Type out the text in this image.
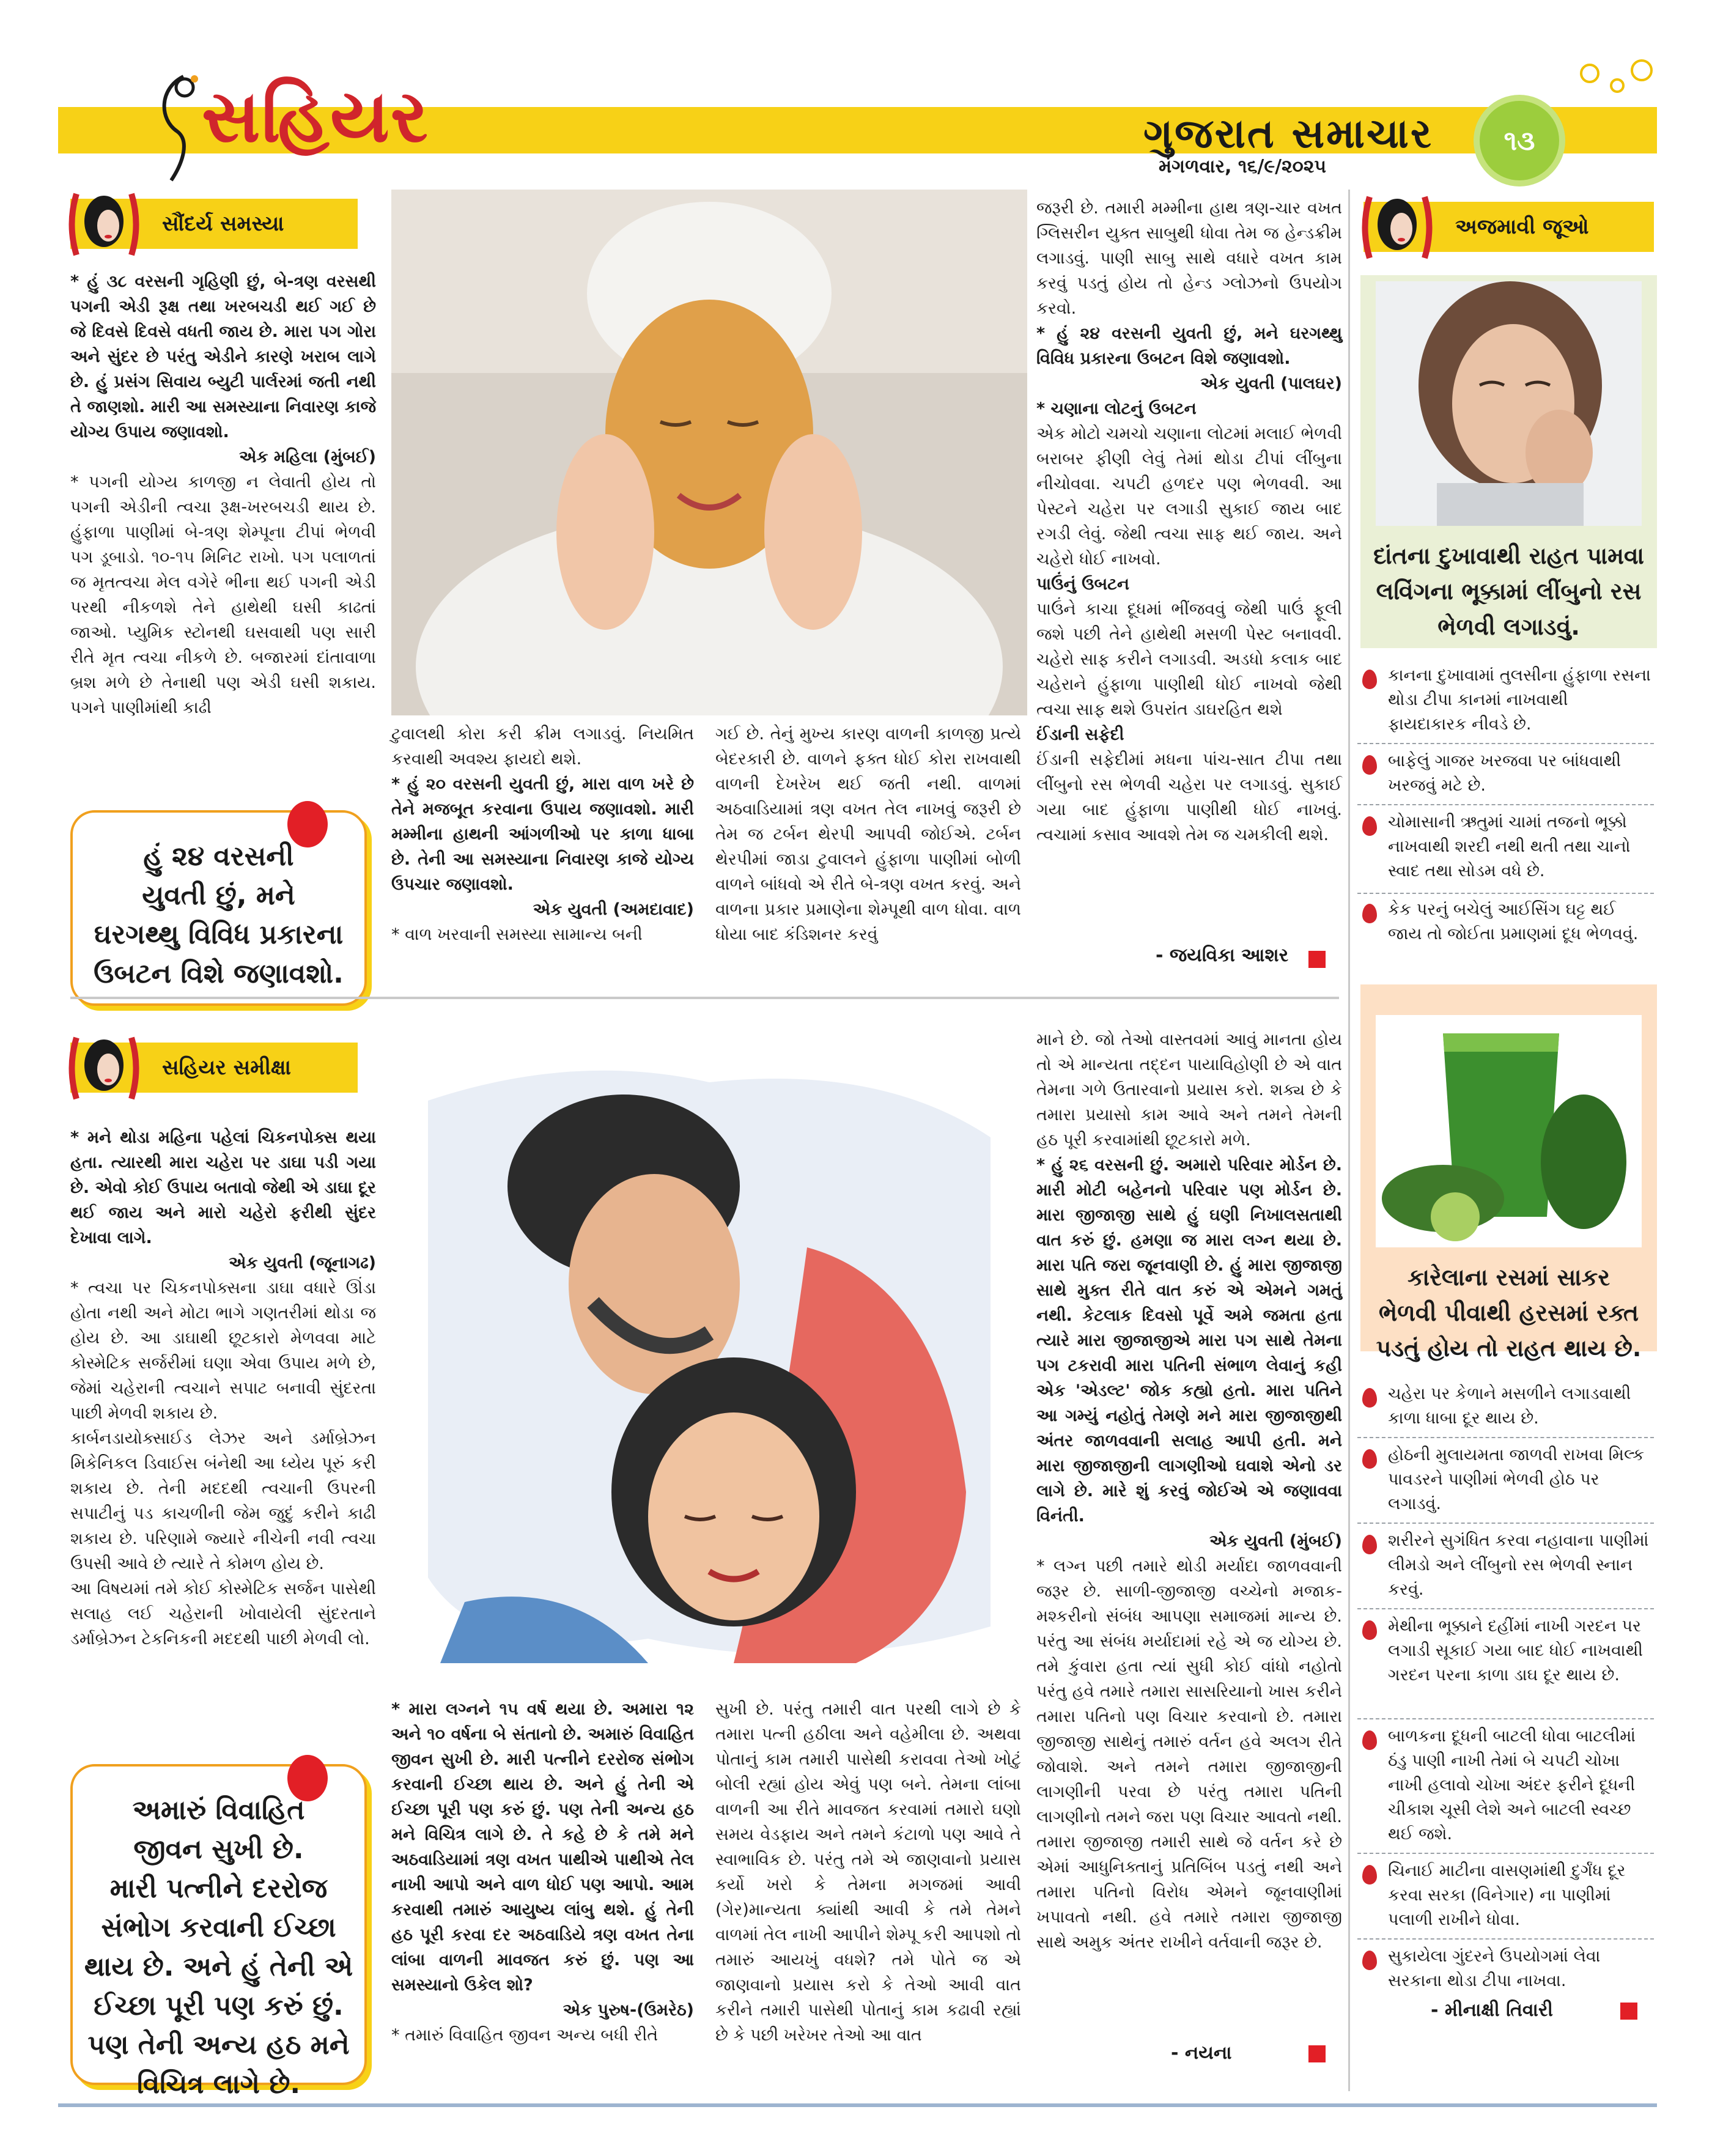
સહિયર	ગુજરાત સમાચાર
મંગળવાર, ૧૬/૯/૨૦૨૫
૧૩
સૌંદર્ય સમસ્યા
* હું ૩૮ વરસની ગૃહિણી છું, બે-ત્રણ વરસથી પગની એડી રૂક્ષ તથા ખરબચડી થઈ ગઈ છે જે દિવસે દિવસે વધતી જાય છે. મારા પગ ગોરા અને સુંદર છે પરંતુ એડીને કારણે ખરાબ લાગે છે. હું પ્રસંગ સિવાય બ્યુટી પાર્લરમાં જતી નથી તે જાણશો. મારી આ સમસ્યાના નિવારણ કાજે યોગ્ય ઉપાય જણાવશો.

એક મહિલા (મુંબઈ)
* પગની યોગ્ય કાળજી ન લેવાતી હોય તો પગની એડીની ત્વચા રૂક્ષ-ખરબચડી થાય છે. હુંફાળા પાણીમાં બે-ત્રણ શેમ્પૂના ટીપાં ભેળવી પગ ડૂબાડો. ૧૦-૧૫ મિનિટ રાખો. પગ પલાળતાં જ મૃતત્વચા મેલ વગેરે ભીના થઈ પગની એડી પરથી નીકળશે તેને હાથેથી ઘસી કાઢતાં જાઓ. પ્યુમિક સ્ટોનથી ઘસવાથી પણ સારી રીતે મૃત ત્વચા નીકળે છે. બજારમાં દાંતાવાળા બ્રશ મળે છે તેનાથી પણ એડી ઘસી શકાય. પગને પાણીમાંથી કાઢી
હું ૨૪ વરસની
યુવતી છું, મને
ઘરગથ્થુ વિવિધ પ્રકારના
ઉબટન વિશે જણાવશો.
ટુવાલથી કોરા કરી ક્રીમ લગાડવું. નિયમિત કરવાથી અવશ્ય ફાયદો થશે.
* હું ૨૦ વરસની યુવતી છું, મારા વાળ ખરે છે તેને મજબૂત કરવાના ઉપાય જણાવશો. મારી મમ્મીના હાથની આંગળીઓ પર કાળા ધાબા છે. તેની આ સમસ્યાના નિવારણ કાજે યોગ્ય ઉપચાર જણાવશો.

એક યુવતી (અમદાવાદ)
* વાળ ખરવાની સમસ્યા સામાન્ય બની
ગઈ છે. તેનું મુખ્ય કારણ વાળની કાળજી પ્રત્યે બેદરકારી છે. વાળને ફક્ત ધોઈ કોરા રાખવાથી વાળની દેખરેખ થઈ જતી નથી. વાળમાં અઠવાડિયામાં ત્રણ વખત તેલ નાખવું જરૂરી છે તેમ જ ટર્બન થેરપી આપવી જોઈએ. ટર્બન થેરપીમાં જાડા ટુવાલને હુંફાળા પાણીમાં બોળી વાળને બાંધવો એ રીતે બે-ત્રણ વખત કરવું. અને વાળના પ્રકાર પ્રમાણેના શેમ્પૂથી વાળ ધોવા. વાળ ધોયા બાદ કંડિશનર કરવું
જરૂરી છે. તમારી મમ્મીના હાથ ત્રણ-ચાર વખત ગ્લિસરીન યુક્ત સાબુથી ધોવા તેમ જ હેન્ડક્રીમ લગાડવું. પાણી સાબુ સાથે વધારે વખત કામ કરવું પડતું હોય તો હેન્ડ ગ્લોઝનો ઉપયોગ કરવો.
* હું ૨૪ વરસની યુવતી છું, મને ઘરગથ્થુ વિવિધ પ્રકારના ઉબટન વિશે જણાવશો.

એક યુવતી (પાલઘર)
* ચણાના લોટનું ઉબટન
એક મોટો ચમચો ચણાના લોટમાં મલાઈ ભેળવી બરાબર ફીણી લેવું તેમાં થોડા ટીપાં લીંબુના નીચોવવા. ચપટી હળદર પણ ભેળવવી. આ પેસ્ટને ચહેરા પર લગાડી સુકાઈ જાય બાદ રગડી લેવું. જેથી ત્વચા સાફ થઈ જાય. અને ચહેરો ધોઈ નાખવો.
પાઉંનું ઉબટન
પાઉંને કાચા દૂધમાં ભીંજવવું જેથી પાઉં ફૂલી જશે પછી તેને હાથેથી મસળી પેસ્ટ બનાવવી. ચહેરો સાફ કરીને લગાડવી. અડધો કલાક બાદ ચહેરાને હુંફાળા પાણીથી ધોઈ નાખવો જેથી ત્વચા સાફ થશે ઉપરાંત ડાઘરહિત થશે
ઈંડાની સફેદી
ઈંડાની સફેદીમાં મધના પાંચ-સાત ટીપા તથા લીંબુનો રસ ભેળવી ચહેરા પર લગાડવું. સુકાઈ ગયા બાદ હુંફાળા પાણીથી ધોઈ નાખવું. ત્વચામાં કસાવ આવશે તેમ જ ચમકીલી થશે.
- જયવિકા આશર
સહિયર સમીક્ષા
* મને થોડા મહિના પહેલાં ચિકનપોક્સ થયા હતા. ત્યારથી મારા ચહેરા પર ડાઘા પડી ગયા છે. એવો કોઈ ઉપાય બતાવો જેથી એ ડાઘા દૂર થઈ જાય અને મારો ચહેરો ફરીથી સુંદર દેખાવા લાગે.

એક યુવતી (જૂનાગઢ)
* ત્વચા પર ચિકનપોક્સના ડાઘા વધારે ઊંડા હોતા નથી અને મોટા ભાગે ગણતરીમાં થોડા જ હોય છે. આ ડાઘાથી છૂટકારો મેળવવા માટે કોસ્મેટિક સર્જરીમાં ઘણા એવા ઉપાય મળે છે, જેમાં ચહેરાની ત્વચાને સપાટ બનાવી સુંદરતા પાછી મેળવી શકાય છે.
કાર્બનડાયોક્સાઈડ લેઝર અને ડર્માબ્રેઝન મિકેનિકલ ડિવાઈસ બંનેથી આ ધ્યેય પૂરું કરી શકાય છે. તેની મદદથી ત્વચાની ઉપરની સપાટીનું પડ કાચળીની જેમ જુદું કરીને કાઢી શકાય છે. પરિણામે જ્યારે નીચેની નવી ત્વચા ઉપસી આવે છે ત્યારે તે કોમળ હોય છે.
આ વિષયમાં તમે કોઈ કોસ્મેટિક સર્જન પાસેથી સલાહ લઈ ચહેરાની ખોવાયેલી સુંદરતાને ડર્માબ્રેઝન ટેકનિકની મદદથી પાછી મેળવી લો.
અમારું વિવાહિત
જીવન સુખી છે.
મારી પત્નીને દરરોજ
સંભોગ કરવાની ઈચ્છા
થાય છે. અને હું તેની એ
ઈચ્છા પૂરી પણ કરું છું.
પણ તેની અન્ય હઠ મને
વિચિત્ર લાગે છે.
* મારા લગ્નને ૧૫ વર્ષ થયા છે. અમારા ૧૨ અને ૧૦ વર્ષના બે સંતાનો છે. અમારું વિવાહિત જીવન સુખી છે. મારી પત્નીને દરરોજ સંભોગ કરવાની ઈચ્છા થાય છે. અને હું તેની એ ઈચ્છા પૂરી પણ કરું છું. પણ તેની અન્ય હઠ મને વિચિત્ર લાગે છે. તે કહે છે કે તમે મને અઠવાડિયામાં ત્રણ વખત પાથીએ પાથીએ તેલ નાખી આપો અને વાળ ધોઈ પણ આપો. આમ કરવાથી તમારું આયુષ્ય લાંબુ થશે. હું તેની હઠ પૂરી કરવા દર અઠવાડિયે ત્રણ વખત તેના લાંબા વાળની માવજત કરું છું. પણ આ સમસ્યાનો ઉકેલ શો?

એક પુરુષ-(ઉમરેઠ)
* તમારું વિવાહિત જીવન અન્ય બધી રીતે
સુખી છે. પરંતુ તમારી વાત પરથી લાગે છે કે તમારા પત્ની હઠીલા અને વહેમીલા છે. અથવા પોતાનું કામ તમારી પાસેથી કરાવવા તેઓ ખોટું બોલી રહ્યાં હોય એવું પણ બને. તેમના લાંબા વાળની આ રીતે માવજત કરવામાં તમારો ઘણો સમય વેડફાય અને તમને કંટાળો પણ આવે તે સ્વાભાવિક છે. પરંતુ તમે એ જાણવાનો પ્રયાસ કર્યો ખરો કે તેમના મગજમાં આવી (ગેર)માન્યતા ક્યાંથી આવી કે તમે તેમને વાળમાં તેલ નાખી આપીને શેમ્પૂ કરી આપશો તો તમારું આયખું વધશે? તમે પોતે જ એ જાણવાનો પ્રયાસ કરો કે તેઓ આવી વાત કરીને તમારી પાસેથી પોતાનું કામ કઢાવી રહ્યાં છે કે પછી ખરેખર તેઓ આ વાત
માને છે. જો તેઓ વાસ્તવમાં આવું માનતા હોય તો એ માન્યતા તદ્દન પાયાવિહોણી છે એ વાત તેમના ગળે ઉતારવાનો પ્રયાસ કરો. શક્ય છે કે તમારા પ્રયાસો કામ આવે અને તમને તેમની હઠ પૂરી કરવામાંથી છૂટકારો મળે.
* હું ૨૬ વરસની છું. અમારો પરિવાર મોર્ડન છે. મારી મોટી બહેનનો પરિવાર પણ મોર્ડન છે. મારા જીજાજી સાથે હું ઘણી નિખાલસતાથી વાત કરું છું. હમણા જ મારા લગ્ન થયા છે. મારા પતિ જરા જૂનવાણી છે. હું મારા જીજાજી સાથે મુક્ત રીતે વાત કરું એ એમને ગમતું નથી. કેટલાક દિવસો પૂર્વે અમે જમતા હતા ત્યારે મારા જીજાજીએ મારા પગ સાથે તેમના પગ ટકરાવી મારા પતિની સંભાળ લેવાનું કહી એક 'એડલ્ટ' જોક કહ્યો હતો. મારા પતિને આ ગમ્યું નહોતું તેમણે મને મારા જીજાજીથી અંતર જાળવવાની સલાહ આપી હતી. મને મારા જીજાજીની લાગણીઓ ઘવાશે એનો ડર લાગે છે. મારે શું કરવું જોઈએ એ જણાવવા વિનંતી.

એક યુવતી (મુંબઈ)
* લગ્ન પછી તમારે થોડી મર્યાદા જાળવવાની જરૂર છે. સાળી-જીજાજી વચ્ચેનો મજાક-મશ્કરીનો સંબંધ આપણા સમાજમાં માન્ય છે. પરંતુ આ સંબંધ મર્યાદામાં રહે એ જ યોગ્ય છે. તમે કુંવારા હતા ત્યાં સુધી કોઈ વાંધો નહોતો પરંતુ હવે તમારે તમારા સાસરિયાનો ખાસ કરીને તમારા પતિનો પણ વિચાર કરવાનો છે. તમારા જીજાજી સાથેનું તમારું વર્તન હવે અલગ રીતે જોવાશે. અને તમને તમારા જીજાજીની લાગણીની પરવા છે પરંતુ તમારા પતિની લાગણીનો તમને જરા પણ વિચાર આવતો નથી. તમારા જીજાજી તમારી સાથે જે વર્તન કરે છે એમાં આધુનિક્તાનું પ્રતિબિંબ પડતું નથી અને તમારા પતિનો વિરોધ એમને જૂનવાણીમાં ખપાવતો નથી. હવે તમારે તમારા જીજાજી સાથે અમુક અંતર રાખીને વર્તવાની જરૂર છે.
- નયના
અજમાવી જૂઓ
દાંતના દુખાવાથી રાહત પામવા
લવિંગના ભૂક્કામાં લીંબુનો રસ
ભેળવી લગાડવું.
કાનના દુખાવામાં તુલસીના હુંફાળા રસના થોડા ટીપા કાનમાં નાખવાથી ફાયદાકારક નીવડે છે.
બાફેલું ગાજર ખરજવા પર બાંધવાથી ખરજવું મટે છે.
ચોમાસાની ઋતુમાં ચામાં તજનો ભૂક્કો નાખવાથી શરદી નથી થતી તથા ચાનો સ્વાદ તથા સોડમ વધે છે.
કેક પરનું બચેલું આઈસિંગ ઘટ્ટ થઈ જાય તો જોઈતા પ્રમાણમાં દૂધ ભેળવવું.
કારેલાના રસમાં સાકર
ભેળવી પીવાથી હરસમાં રક્ત
પડતું હોય તો રાહત થાય છે.
ચહેરા પર કેળાને મસળીને લગાડવાથી કાળા ધાબા દૂર થાય છે.
હોઠની મુલાયમતા જાળવી રાખવા મિલ્ક પાવડરને પાણીમાં ભેળવી હોઠ પર લગાડવું.
શરીરને સુગંધિત કરવા નહાવાના પાણીમાં લીમડો અને લીંબુનો રસ ભેળવી સ્નાન કરવું.
મેથીના ભૂક્કાને દહીંમાં નાખી ગરદન પર લગાડી સૂકાઈ ગયા બાદ ધોઈ નાખવાથી ગરદન પરના કાળા ડાઘ દૂર થાય છે.
બાળકના દૂધની બાટલી ધોવા બાટલીમાં ઠંડુ પાણી નાખી તેમાં બે ચપટી ચોખા નાખી હલાવો ચોખા અંદર ફરીને દૂધની ચીકાશ ચૂસી લેશે અને બાટલી સ્વચ્છ થઈ જશે.
ચિનાઈ માટીના વાસણમાંથી દુર્ગંધ દૂર કરવા સરકા (વિનેગાર) ના પાણીમાં પલાળી રાખીને ધોવા.
સુકાયેલા ગુંદરને ઉપયોગમાં લેવા સરકાના થોડા ટીપા નાખવા.
- મીનાક્ષી તિવારી
